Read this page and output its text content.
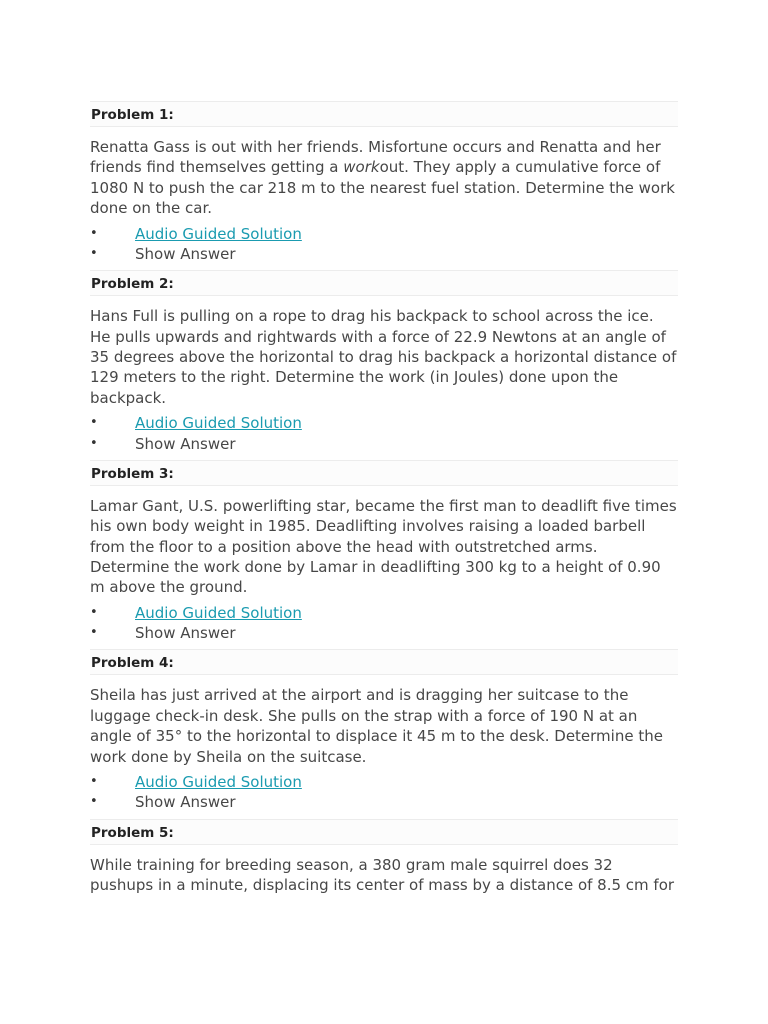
Problem 1:

Renatta Gass is out with her friends. Misfortune occurs and Renatta and her friends find themselves getting a workout. They apply a cumulative force of 1080 N to push the car 218 m to the nearest fuel station. Determine the work done on the car.

• Audio Guided Solution
• Show Answer
Problem 2:

Hans Full is pulling on a rope to drag his backpack to school across the ice. He pulls upwards and rightwards with a force of 22.9 Newtons at an angle of 35 degrees above the horizontal to drag his backpack a horizontal distance of 129 meters to the right. Determine the work (in Joules) done upon the backpack.

• Audio Guided Solution
• Show Answer
Problem 3:

Lamar Gant, U.S. powerlifting star, became the first man to deadlift five times his own body weight in 1985. Deadlifting involves raising a loaded barbell from the floor to a position above the head with outstretched arms. Determine the work done by Lamar in deadlifting 300 kg to a height of 0.90 m above the ground.

• Audio Guided Solution
• Show Answer
Problem 4:

Sheila has just arrived at the airport and is dragging her suitcase to the luggage check-in desk. She pulls on the strap with a force of 190 N at an angle of 35° to the horizontal to displace it 45 m to the desk. Determine the work done by Sheila on the suitcase.

• Audio Guided Solution
• Show Answer
Problem 5:

While training for breeding season, a 380 gram male squirrel does 32 pushups in a minute, displacing its center of mass by a distance of 8.5 cm for
